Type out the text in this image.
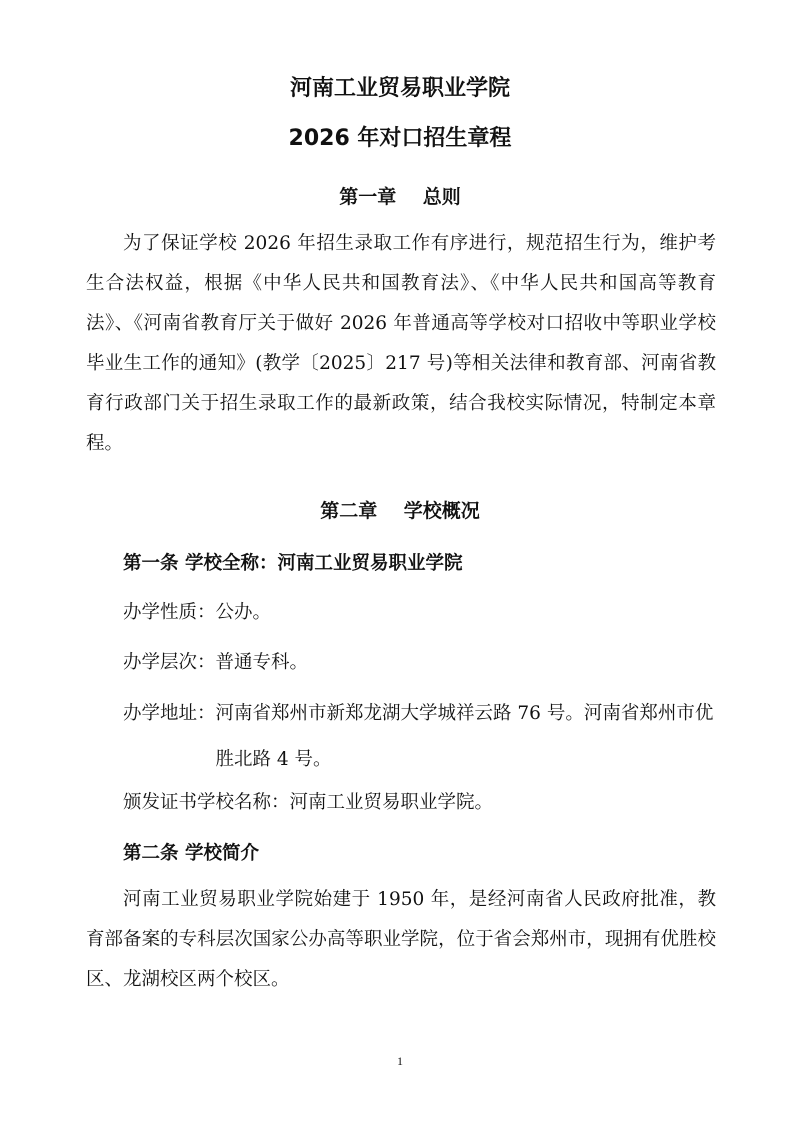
河南工业贸易职业学院
2026 年对口招生章程
第一章    总则

为了保证学校 2026 年招生录取工作有序进行，规范招生行为，维护考生合法权益，根据《中华人民共和国教育法》、《中华人民共和国高等教育法》、《河南省教育厅关于做好 2026 年普通高等学校对口招收中等职业学校毕业生工作的通知》(教学〔2025〕217 号)等相关法律和教育部、河南省教育行政部门关于招生录取工作的最新政策，结合我校实际情况，特制定本章程。

第二章    学校概况

第一条 学校全称：河南工业贸易职业学院

办学性质：公办。

办学层次：普通专科。

办学地址： 河南省郑州市新郑龙湖大学城祥云路 76 号。河南省郑州市优胜北路 4 号。

颁发证书学校名称：河南工业贸易职业学院。

第二条 学校简介

河南工业贸易职业学院始建于 1950 年，是经河南省人民政府批准，教育部备案的专科层次国家公办高等职业学院，位于省会郑州市，现拥有优胜校区、龙湖校区两个校区。

1
